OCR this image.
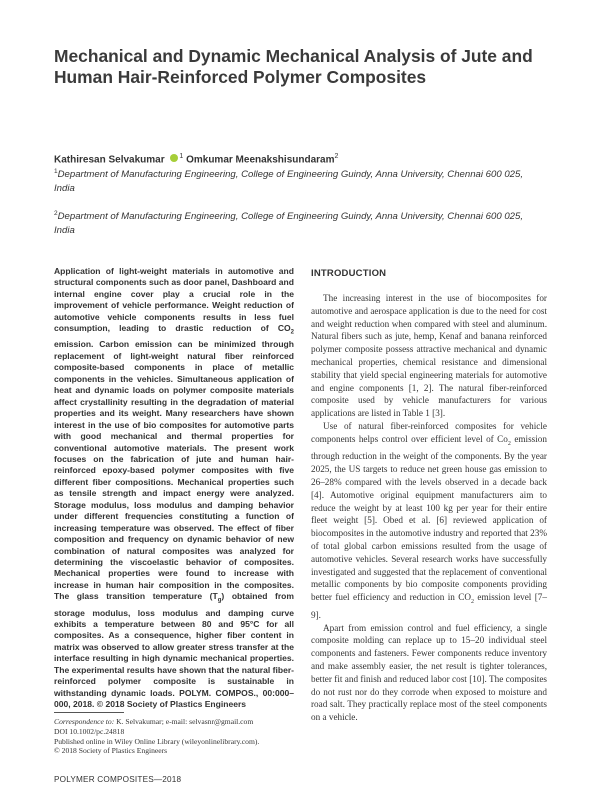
Mechanical and Dynamic Mechanical Analysis of Jute and Human Hair-Reinforced Polymer Composites
Kathiresan Selvakumar $^1$ Omkumar Meenakshisundaram$^2$

$^1$Department of Manufacturing Engineering, College of Engineering Guindy, Anna University, Chennai 600 025, India

$^2$Department of Manufacturing Engineering, College of Engineering Guindy, Anna University, Chennai 600 025, India

Application of light-weight materials in automotive and structural components such as door panel, Dashboard and internal engine cover play a crucial role in the improvement of vehicle performance. Weight reduction of automotive vehicle components results in less fuel consumption, leading to drastic reduction of $CO_2$ emission. Carbon emission can be minimized through replacement of light-weight natural fiber reinforced composite-based components in place of metallic components in the vehicles. Simultaneous application of heat and dynamic loads on polymer composite materials affect crystallinity resulting in the degradation of material properties and its weight. Many researchers have shown interest in the use of bio composites for automotive parts with good mechanical and thermal properties for conventional automotive materials. The present work focuses on the fabrication of jute and human hair-reinforced epoxy-based polymer composites with five different fiber compositions. Mechanical properties such as tensile strength and impact energy were analyzed. Storage modulus, loss modulus and damping behavior under different frequencies constituting a function of increasing temperature was observed. The effect of fiber composition and frequency on dynamic behavior of new combination of natural composites was analyzed for determining the viscoelastic behavior of composites. Mechanical properties were found to increase with increase in human hair composition in the composites. The glass transition temperature $(T_g)$ obtained from storage modulus, loss modulus and damping curve exhibits a temperature between 80 and 95°C for all composites. As a consequence, higher fiber content in matrix was observed to allow greater stress transfer at the interface resulting in high dynamic mechanical properties. The experimental results have shown that the natural fiber-reinforced polymer composite is sustainable in withstanding dynamic loads. POLYM. COMPOS., 00:000–000, 2018. © 2018 Society of Plastics Engineers

INTRODUCTION

The increasing interest in the use of biocomposites for automotive and aerospace application is due to the need for cost and weight reduction when compared with steel and aluminum. Natural fibers such as jute, hemp, Kenaf and banana reinforced polymer composite possess attractive mechanical and dynamic mechanical properties, chemical resistance and dimensional stability that yield special engineering materials for automotive and engine components [1, 2]. The natural fiber-reinforced composite used by vehicle manufacturers for various applications are listed in Table 1 [3].

Use of natural fiber-reinforced composites for vehicle components helps control over efficient level of $Co_2$ emission through reduction in the weight of the components. By the year 2025, the US targets to reduce net green house gas emission to 26–28% compared with the levels observed in a decade back [4]. Automotive original equipment manufacturers aim to reduce the weight by at least 100 kg per year for their entire fleet weight [5]. Obed et al. [6] reviewed application of biocomposites in the automotive industry and reported that 23% of total global carbon emissions resulted from the usage of automotive vehicles. Several research works have successfully investigated and suggested that the replacement of conventional metallic components by bio composite components providing better fuel efficiency and reduction in $CO_2$ emission level [7–9].

Apart from emission control and fuel efficiency, a single composite molding can replace up to 15–20 individual steel components and fasteners. Fewer components reduce inventory and make assembly easier, the net result is tighter tolerances, better fit and finish and reduced labor cost [10]. The composites do not rust nor do they corrode when exposed to moisture and road salt. They practically replace most of the steel components on a vehicle.

Correspondence to: K. Selvakumar; e-mail: selvasnr@gmail.com
DOI 10.1002/pc.24818
Published online in Wiley Online Library (wileyonlinelibrary.com).
© 2018 Society of Plastics Engineers
POLYMER COMPOSITES—2018
